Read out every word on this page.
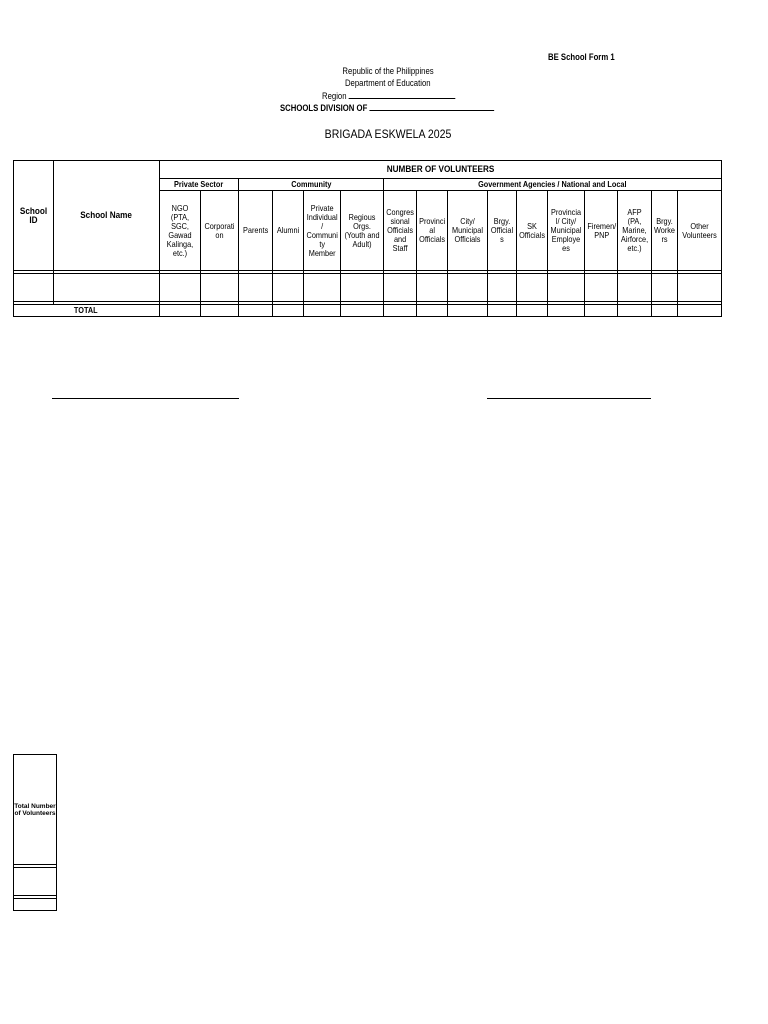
BE School Form 1
Republic of the Philippines
Department of Education
Region
SCHOOLS DIVISION OF
BRIGADA ESKWELA 2025
School ID	School Name	NUMBER OF VOLUNTEERS															
		Private Sector		Community				Government Agencies / National and Local									
		NGO (PTA, SGC, Gawad Kalinga, etc.)	Corporati on	Parents	Alumni	Private Individual / Communi ty Member	Regious Orgs. (Youth and Adult)	Congres sional Officials and Staff	Provinci al Officials	City/ Municipal Officials	Brgy. Official s	SK Officials	Provincia l/ City/ Municipal Employe es	Firemen/ PNP	AFP (PA, Marine, Airforce, etc.)	Brgy. Worke rs	Other Volunteers

TOTAL																	
Total Number of Volunteers
